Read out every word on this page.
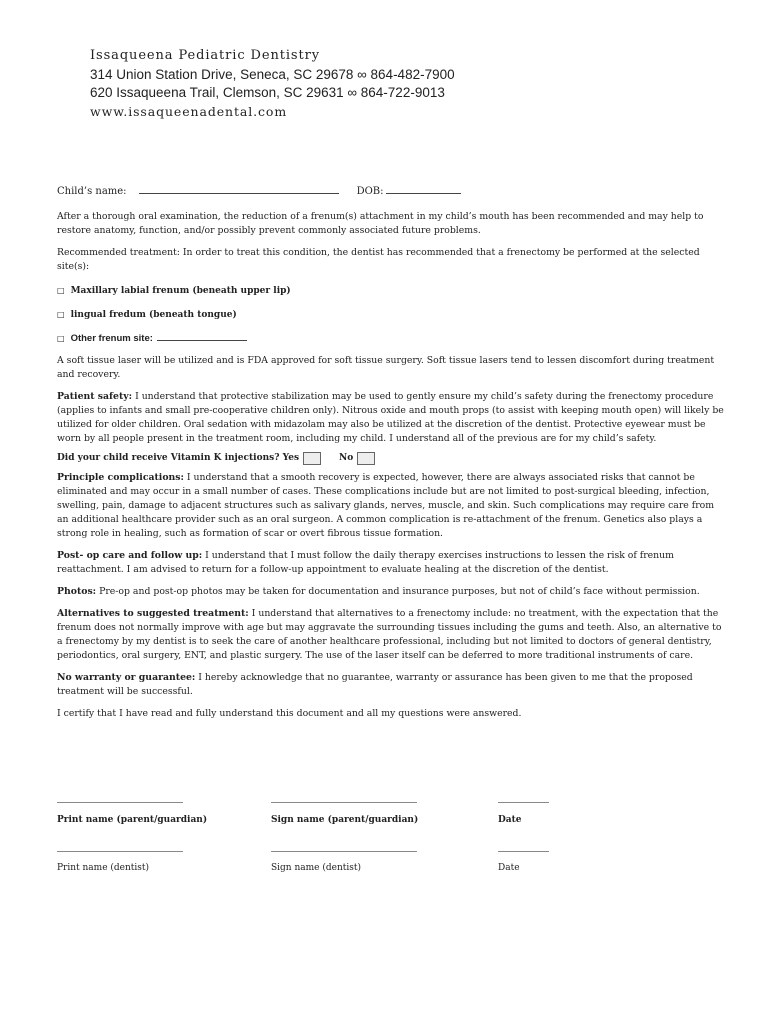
Issaqueena Pediatric Dentistry
314 Union Station Drive, Seneca, SC 29678 ∞ 864-482-7900
620 Issaqueena Trail, Clemson, SC 29631 ∞ 864-722-9013
www.issaqueenadental.com
Child’s name:	DOB:

After a thorough oral examination, the reduction of a frenum(s) attachment in my child’s mouth has been recommended and may help to restore anatomy, function, and/or possibly prevent commonly associated future problems.

Recommended treatment: In order to treat this condition, the dentist has recommended that a frenectomy be performed at the selected site(s):

□ Maxillary labial frenum (beneath upper lip)
□ lingual fredum (beneath tongue)
□ Other frenum site:

A soft tissue laser will be utilized and is FDA approved for soft tissue surgery. Soft tissue lasers tend to lessen discomfort during treatment and recovery.

Patient safety: I understand that protective stabilization may be used to gently ensure my child’s safety during the frenectomy procedure (applies to infants and small pre-cooperative children only). Nitrous oxide and mouth props (to assist with keeping mouth open) will likely be utilized for older children. Oral sedation with midazolam may also be utilized at the discretion of the dentist. Protective eyewear must be worn by all people present in the treatment room, including my child. I understand all of the previous are for my child’s safety.

Did your child receive Vitamin K injections?
Yes	No

Principle complications: I understand that a smooth recovery is expected, however, there are always associated risks that cannot be eliminated and may occur in a small number of cases. These complications include but are not limited to post-surgical bleeding, infection, swelling, pain, damage to adjacent structures such as salivary glands, nerves, muscle, and skin. Such complications may require care from an additional healthcare provider such as an oral surgeon. A common complication is re-attachment of the frenum. Genetics also plays a strong role in healing, such as formation of scar or overt fibrous tissue formation.

Post- op care and follow up: I understand that I must follow the daily therapy exercises instructions to lessen the risk of frenum reattachment. I am advised to return for a follow-up appointment to evaluate healing at the discretion of the dentist.

Photos: Pre-op and post-op photos may be taken for documentation and insurance purposes, but not of child’s face without permission.

Alternatives to suggested treatment: I understand that alternatives to a frenectomy include: no treatment, with the expectation that the frenum does not normally improve with age but may aggravate the surrounding tissues including the gums and teeth. Also, an alternative to a frenectomy by my dentist is to seek the care of another healthcare professional, including but not limited to doctors of general dentistry, periodontics, oral surgery, ENT, and plastic surgery. The use of the laser itself can be deferred to more traditional instruments of care.

No warranty or guarantee: I hereby acknowledge that no guarantee, warranty or assurance has been given to me that the proposed treatment will be successful.

I certify that I have read and fully understand this document and all my questions were answered.

Print name (parent/guardian)	Sign name (parent/guardian)	Date
Print name (dentist)	Sign name (dentist)	Date
